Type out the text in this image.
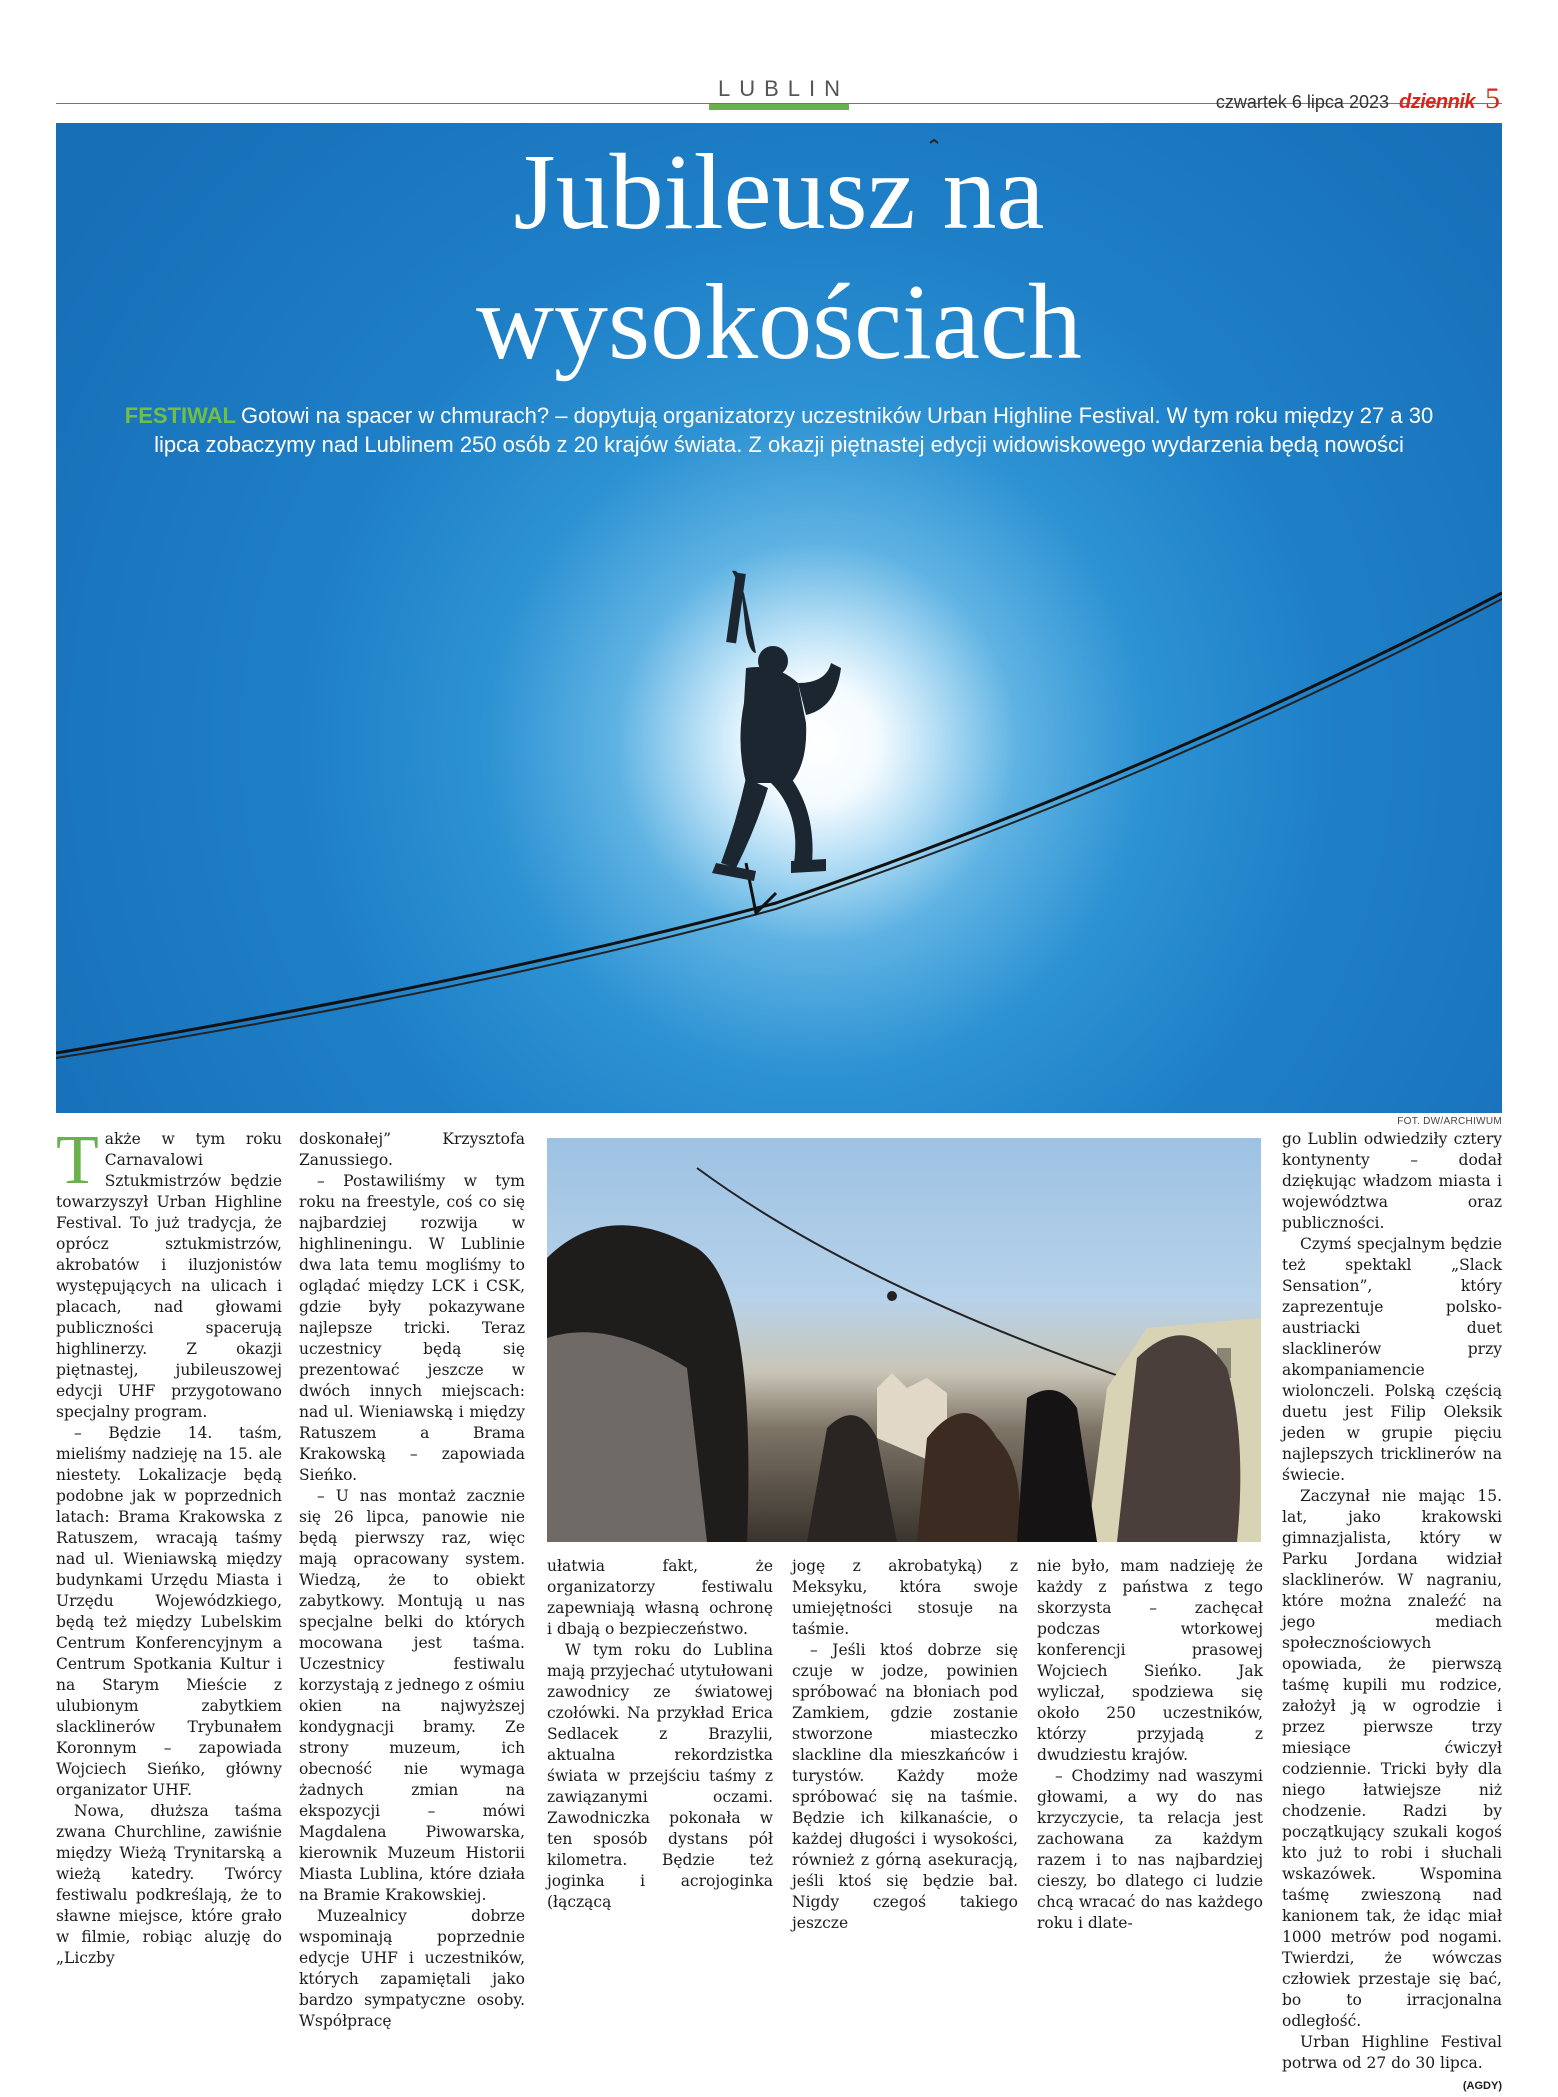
LUBLIN
czwartek 6 lipca 2023 dziennik 5
Jubileusz na
wysokościach
FESTIWAL Gotowi na spacer w chmurach? – dopytują organizatorzy uczestników Urban Highline Festival. W tym roku między 27 a 30 lipca zobaczymy nad Lublinem 250 osób z 20 krajów świata. Z okazji piętnastej edycji widowiskowego wydarzenia będą nowości
FOT. DW/ARCHIWUM

Także w tym roku Carnavalowi Sztukmistrzów będzie towarzyszył Urban Highline Festival. To już tradycja, że oprócz sztukmistrzów, akrobatów i iluzjonistów występujących na ulicach i placach, nad głowami publiczności spacerują highlinerzy. Z okazji piętnastej, jubileuszowej edycji UHF przygotowano specjalny program.

– Będzie 14. taśm, mieliśmy nadzieję na 15. ale niestety. Lokalizacje będą podobne jak w poprzednich latach: Brama Krakowska z Ratuszem, wracają taśmy nad ul. Wieniawską między budynkami Urzędu Miasta i Urzędu Wojewódzkiego, będą też między Lubelskim Centrum Konferencyjnym a Centrum Spotkania Kultur i na Starym Mieście z ulubionym zabytkiem slacklinerów Trybunałem Koronnym – zapowiada Wojciech Sieńko, główny organizator UHF.

Nowa, dłuższa taśma zwana Churchline, zawiśnie między Wieżą Trynitarską a wieżą katedry. Twórcy festiwalu podkreślają, że to sławne miejsce, które grało w filmie, robiąc aluzję do „Liczby

doskonałej” Krzysztofa Zanussiego.

– Postawiliśmy w tym roku na freestyle, coś co się najbardziej rozwija w highlineningu. W Lublinie dwa lata temu mogliśmy to oglądać między LCK i CSK, gdzie były pokazywane najlepsze tricki. Teraz uczestnicy będą się prezentować jeszcze w dwóch innych miejscach: nad ul. Wieniawską i między Ratuszem a Brama Krakowską – zapowiada Sieńko.

– U nas montaż zacznie się 26 lipca, panowie nie będą pierwszy raz, więc mają opracowany system. Wiedzą, że to obiekt zabytkowy. Montują u nas specjalne belki do których mocowana jest taśma. Uczestnicy festiwalu korzystają z jednego z ośmiu okien na najwyższej kondygnacji bramy. Ze strony muzeum, ich obecność nie wymaga żadnych zmian na ekspozycji – mówi Magdalena Piwowarska, kierownik Muzeum Historii Miasta Lublina, które działa na Bramie Krakowskiej.

Muzealnicy dobrze wspominają poprzednie edycje UHF i uczestników, których zapamiętali jako bardzo sympatyczne osoby. Współpracę

ułatwia fakt, że organizatorzy festiwalu zapewniają własną ochronę i dbają o bezpieczeństwo.

W tym roku do Lublina mają przyjechać utytułowani zawodnicy ze światowej czołówki. Na przykład Erica Sedlacek z Brazylii, aktualna rekordzistka świata w przejściu taśmy z zawiązanymi oczami. Zawodniczka pokonała w ten sposób dystans pół kilometra. Będzie też joginka i acrojoginka (łączącą

jogę z akrobatyką) z Meksyku, która swoje umiejętności stosuje na taśmie.

– Jeśli ktoś dobrze się czuje w jodze, powinien spróbować na błoniach pod Zamkiem, gdzie zostanie stworzone miasteczko slackline dla mieszkańców i turystów. Każdy może spróbować się na taśmie. Będzie ich kilkanaście, o każdej długości i wysokości, również z górną asekuracją, jeśli ktoś się będzie bał. Nigdy czegoś takiego jeszcze

nie było, mam nadzieję że każdy z państwa z tego skorzysta – zachęcał podczas wtorkowej konferencji prasowej Wojciech Sieńko. Jak wyliczał, spodziewa się około 250 uczestników, którzy przyjadą z dwudziestu krajów.

– Chodzimy nad waszymi głowami, a wy do nas krzyczycie, ta relacja jest zachowana za każdym razem i to nas najbardziej cieszy, bo dlatego ci ludzie chcą wracać do nas każdego roku i dlate-

go Lublin odwiedziły cztery kontynenty – dodał dziękując władzom miasta i województwa oraz publiczności.

Czymś specjalnym będzie też spektakl „Slack Sensation”, który zaprezentuje polsko-austriacki duet slacklinerów przy akompaniamencie wiolonczeli. Polską częścią duetu jest Filip Oleksik jeden w grupie pięciu najlepszych tricklinerów na świecie.

Zaczynał nie mając 15. lat, jako krakowski gimnazjalista, który w Parku Jordana widział slacklinerów. W nagraniu, które można znaleźć na jego mediach społecznościowych opowiada, że pierwszą taśmę kupili mu rodzice, założył ją w ogrodzie i przez pierwsze trzy miesiące ćwiczył codziennie. Tricki były dla niego łatwiejsze niż chodzenie. Radzi by początkujący szukali kogoś kto już to robi i słuchali wskazówek. Wspomina taśmę zwieszoną nad kanionem tak, że idąc miał 1000 metrów pod nogami. Twierdzi, że wówczas człowiek przestaje się bać, bo to irracjonalna odległość.

Urban Highline Festival potrwa od 27 do 30 lipca.

(AGDY)
